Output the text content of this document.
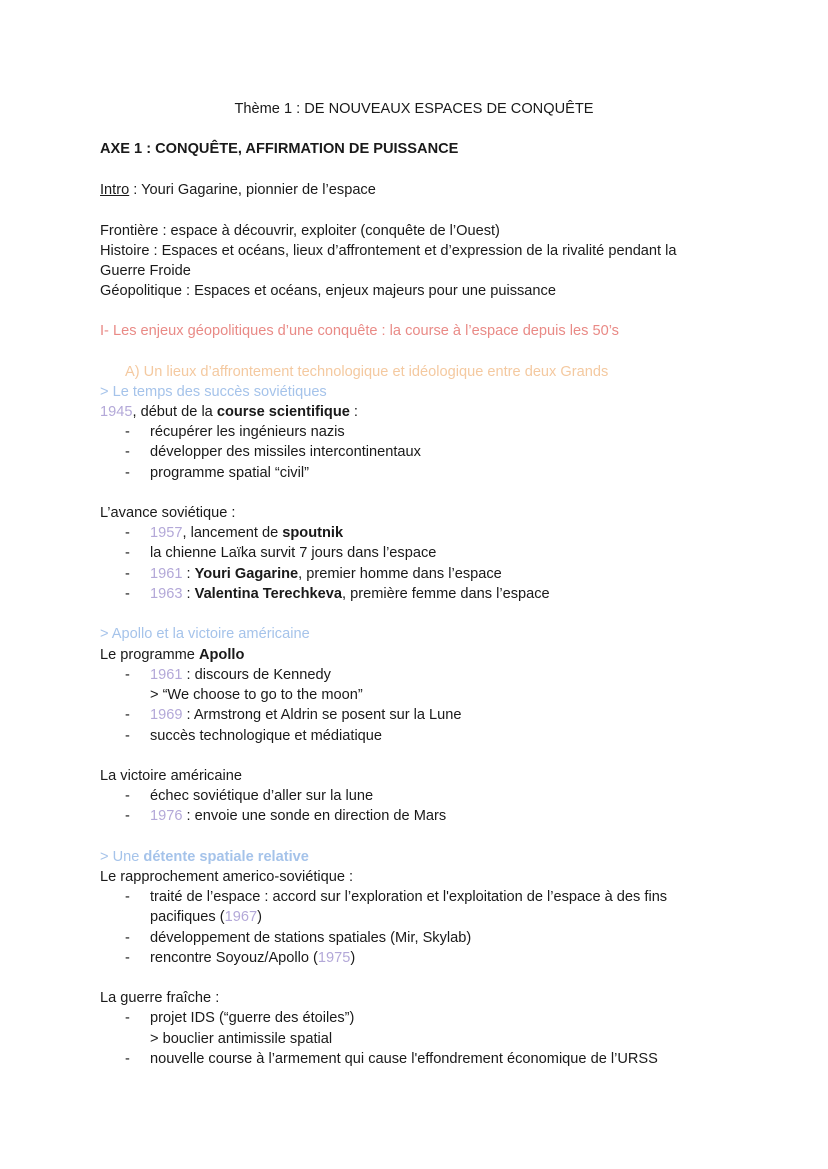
Thème 1 : DE NOUVEAUX ESPACES DE CONQUÊTE
AXE 1 : CONQUÊTE, AFFIRMATION DE PUISSANCE
Intro : Youri Gagarine, pionnier de l’espace
Frontière : espace à découvrir, exploiter (conquête de l’Ouest)
Histoire : Espaces et océans, lieux d’affrontement et d’expression de la rivalité pendant la
Guerre Froide
Géopolitique : Espaces et océans, enjeux majeurs pour une puissance
I- Les enjeux géopolitiques d’une conquête : la course à l’espace depuis les 50’s
A) Un lieux d’affrontement technologique et idéologique entre deux Grands
> Le temps des succès soviétiques
1945, début de la course scientifique :
-	récupérer les ingénieurs nazis
-	développer des missiles intercontinentaux
-	programme spatial “civil”
L’avance soviétique :
-	1957, lancement de spoutnik
-	la chienne Laïka survit 7 jours dans l’espace
-	1961 : Youri Gagarine, premier homme dans l’espace
-	1963 : Valentina Terechkeva, première femme dans l’espace
> Apollo et la victoire américaine
Le programme Apollo
-	1961 : discours de Kennedy
> “We choose to go to the moon”
-	1969 : Armstrong et Aldrin se posent sur la Lune
-	succès technologique et médiatique
La victoire américaine
-	échec soviétique d’aller sur la lune
-	1976 : envoie une sonde en direction de Mars
> Une détente spatiale relative
Le rapprochement americo-soviétique :
-	traité de l’espace : accord sur l’exploration et l'exploitation de l’espace à des fins
pacifiques (1967)
-	développement de stations spatiales (Mir, Skylab)
-	rencontre Soyouz/Apollo (1975)
La guerre fraîche :
-	projet IDS (“guerre des étoiles”)
> bouclier antimissile spatial
-	nouvelle course à l’armement qui cause l'effondrement économique de l’URSS
